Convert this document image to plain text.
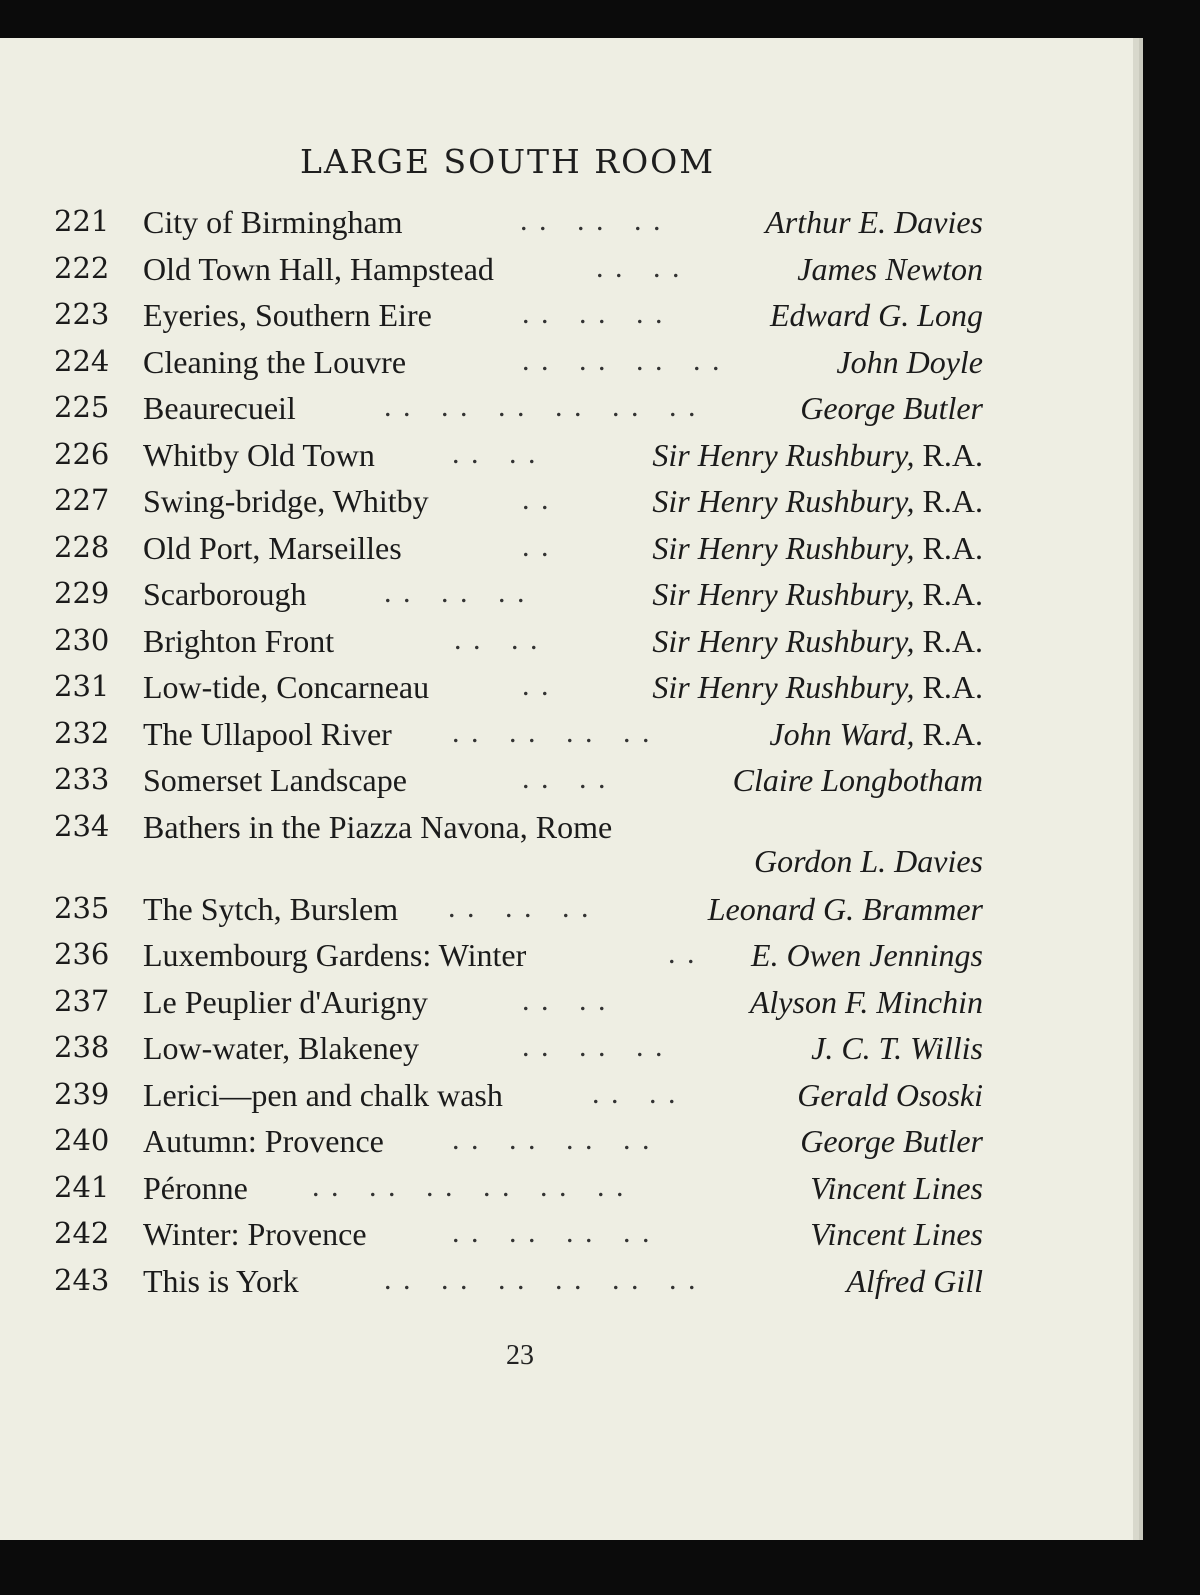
LARGE SOUTH ROOM
221 City of Birmingham	. .   . .   . .	Arthur E. Davies
222 Old Town Hall, Hampstead	. .   . .	James Newton
223 Eyeries, Southern Eire	. .   . .   . .	Edward G. Long
224 Cleaning the Louvre	. .   . .   . .   . .	John Doyle
225 Beaurecueil	. .   . .   . .   . .   . .   . .	George Butler
226 Whitby Old Town	. .   . .	Sir Henry Rushbury, R.A.
227 Swing-bridge, Whitby	. .	Sir Henry Rushbury, R.A.
228 Old Port, Marseilles	. .	Sir Henry Rushbury, R.A.
229 Scarborough	. .   . .   . .	Sir Henry Rushbury, R.A.
230 Brighton Front	. .   . .	Sir Henry Rushbury, R.A.
231 Low-tide, Concarneau	. .	Sir Henry Rushbury, R.A.
232 The Ullapool River . .   . .   . .   . .	John Ward, R.A.
233 Somerset Landscape	. .   . .	Claire Longbotham
234 Bathers in the Piazza Navona, Rome
Gordon L. Davies
235 The Sytch, Burslem . .   . .   . .	Leonard G. Brammer
236 Luxembourg Gardens: Winter	. . E. Owen Jennings
237 Le Peuplier d'Aurigny	. .   . .	Alyson F. Minchin
238 Low-water, Blakeney	. .   . .   . .	J. C. T. Willis
239 Lerici—pen and chalk wash	. .   . .	Gerald Ososki
240 Autumn: Provence . .   . .   . .   . .	George Butler
241 Péronne . .   . .   . .   . .   . .   . .	Vincent Lines
242 Winter: Provence	. .   . .   . .   . .	Vincent Lines
243 This is York	. .   . .   . .   . .   . .   . .	Alfred Gill
23
